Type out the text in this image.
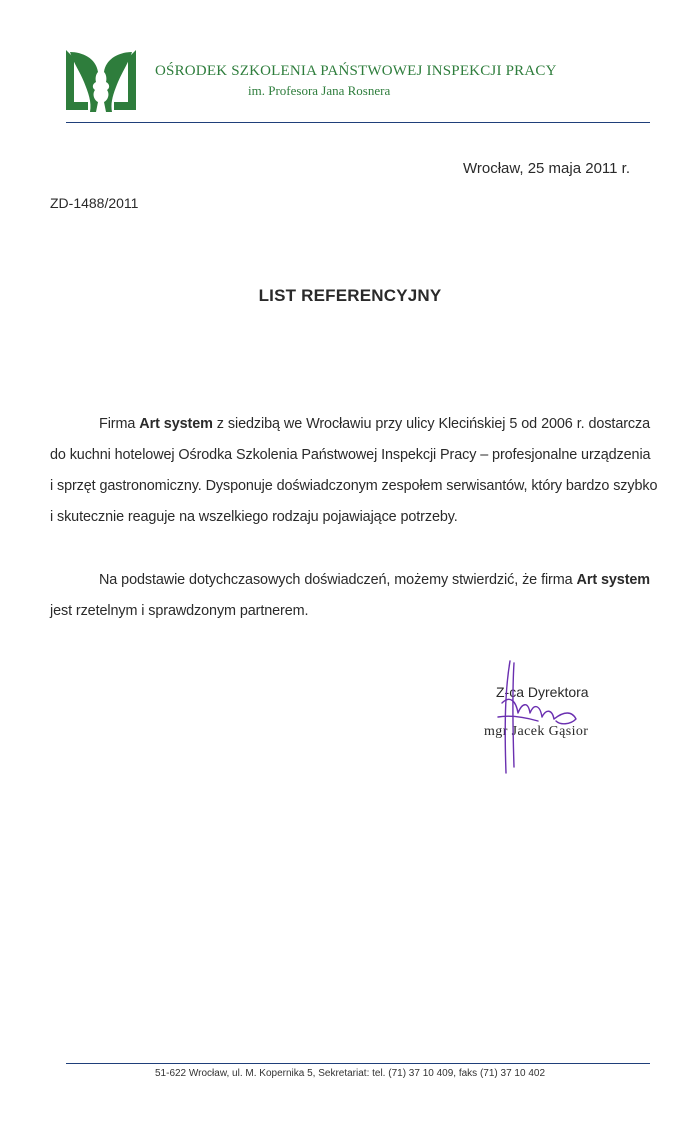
OŚRODEK SZKOLENIA PAŃSTWOWEJ INSPEKCJI PRACY
im. Profesora Jana Rosnera
Wrocław, 25 maja 2011 r.
ZD-1488/2011
LIST REFERENCYJNY
Firma Art system z siedzibą we Wrocławiu przy ulicy Klecińskiej 5 od 2006 r. dostarcza
do kuchni hotelowej Ośrodka Szkolenia Państwowej Inspekcji Pracy – profesjonalne urządzenia
i sprzęt gastronomiczny. Dysponuje doświadczonym zespołem serwisantów, który bardzo szybko
i skutecznie reaguje na wszelkiego rodzaju pojawiające potrzeby.
Na podstawie dotychczasowych doświadczeń, możemy stwierdzić, że firma Art system
jest rzetelnym i sprawdzonym partnerem.
Z-ca Dyrektora
mgr Jacek Gąsior
51-622 Wrocław, ul. M. Kopernika 5, Sekretariat: tel. (71) 37 10 409, faks (71) 37 10 402
